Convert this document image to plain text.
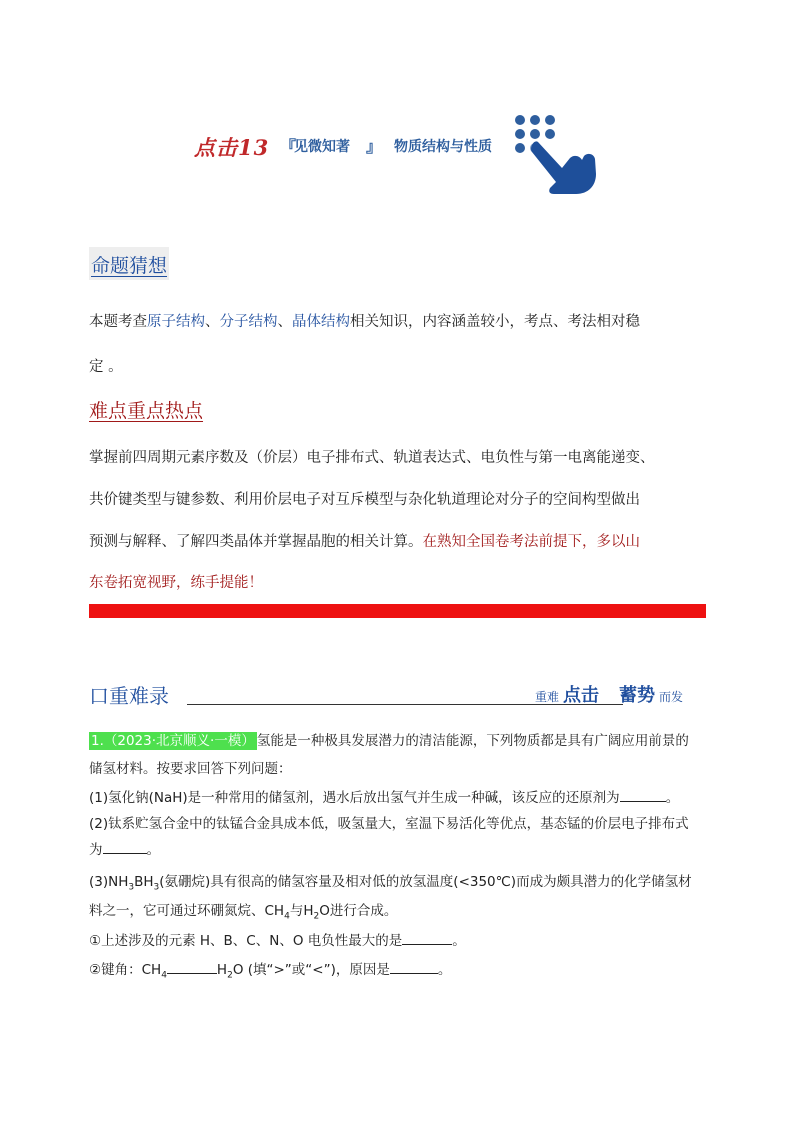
点击13 『
见微知著 』 物质结构与性质
命题猜想
本题考查原子结构、分子结构、晶体结构相关知识，内容涵盖较小，考点、考法相对稳
定 。
难点重点热点
掌握前四周期元素序数及（价层）电子排布式、轨道表达式、电负性与第一电离能递变、
共价键类型与键参数、利用价层电子对互斥模型与杂化轨道理论对分子的空间构型做出
预测与解释、了解四类晶体并掌握晶胞的相关计算。在熟知全国卷考法前提下，多以山
东卷拓宽视野，练手提能！
口重难录	重难 点击 蓄势 而发
1.（2023·北京顺义·一模） 氢能是一种极具发展潜力的清洁能源，下列物质都是具有广阔应用前景的
储氢材料。按要求回答下列问题：
(1)氢化钠(NaH)是一种常用的储氢剂，遇水后放出氢气并生成一种碱，该反应的还原剂为	。
(2)钛系贮氢合金中的钛锰合金具成本低，吸氢量大，室温下易活化等优点，基态锰的价层电子排布式
为	。
$(3)NH_3BH_3$(氨硼烷)具有很高的储氢容量及相对低的放氢温度(<350℃)而成为颇具潜力的化学储氢材
料之一，它可通过环硼氮烷、$CH_4$与$H_2O$进行合成。
①上述涉及的元素 H、B、C、N、O 电负性最大的是	。
②键角：$CH_4$	$H_2O$ (填“>”或“<”)，原因是	。
